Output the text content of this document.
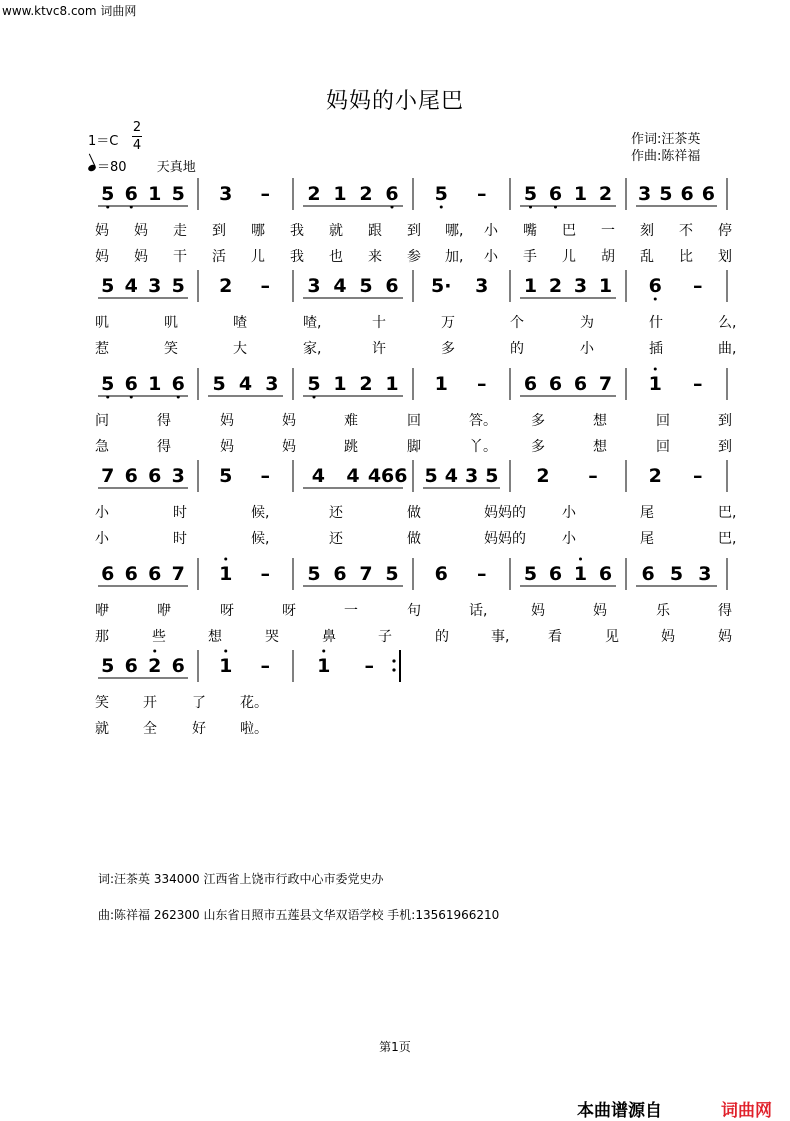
www.ktvc8.com 词曲网
妈妈的小尾巴
1＝C
2
4
＝80 天真地
作词:汪茶英
作曲:陈祥福
5 6 1 5 3 – 2 1 2 6 5 – 5 6 1 2 3 5 6 6
妈 妈 走 到 哪 我 就 跟 到 哪, 小 嘴 巴 一 刻 不 停
妈 妈 干 活 儿 我 也 来 参 加, 小 手 儿 胡 乱 比 划
5 4 3 5 2 – 3 4 5 6 5· 3 1 2 3 1 6 –
叽	叽	喳	喳,	十	万	个	为	什	么,
惹	笑	大	家,	许	多	的	小	插	曲,
5 6 1 6 5 4 3 5 1 2 1 1 – 6 6 6 7 1 –
问	得	妈	妈	难	回	答。 多	想	回	到
急	得	妈	妈	跳	脚	丫。 多	想	回	到
7 6 6 3 5 – 4 4 466 5 4 3 5 2 –	2 –
小	时	候,	还	做	妈妈的	小	尾	巴,
小	时	候,	还	做	妈妈的	小	尾	巴,
6 6 6 7 1 – 5 6 7 5 6 – 5 6 1 6 6 5 3
咿	咿	呀	呀	一	句	话,	妈	妈	乐	得
那	些	想	哭	鼻	子	的	事,	看	见	妈	妈
5 6 2 6 1 – 1 –
笑 开	了 花。
就 全	好 啦。
词:汪茶英 334000 江西省上饶市行政中心市委党史办
曲:陈祥福 262300 山东省日照市五莲县文华双语学校 手机:13561966210
第1页
本曲谱源自	词曲网
